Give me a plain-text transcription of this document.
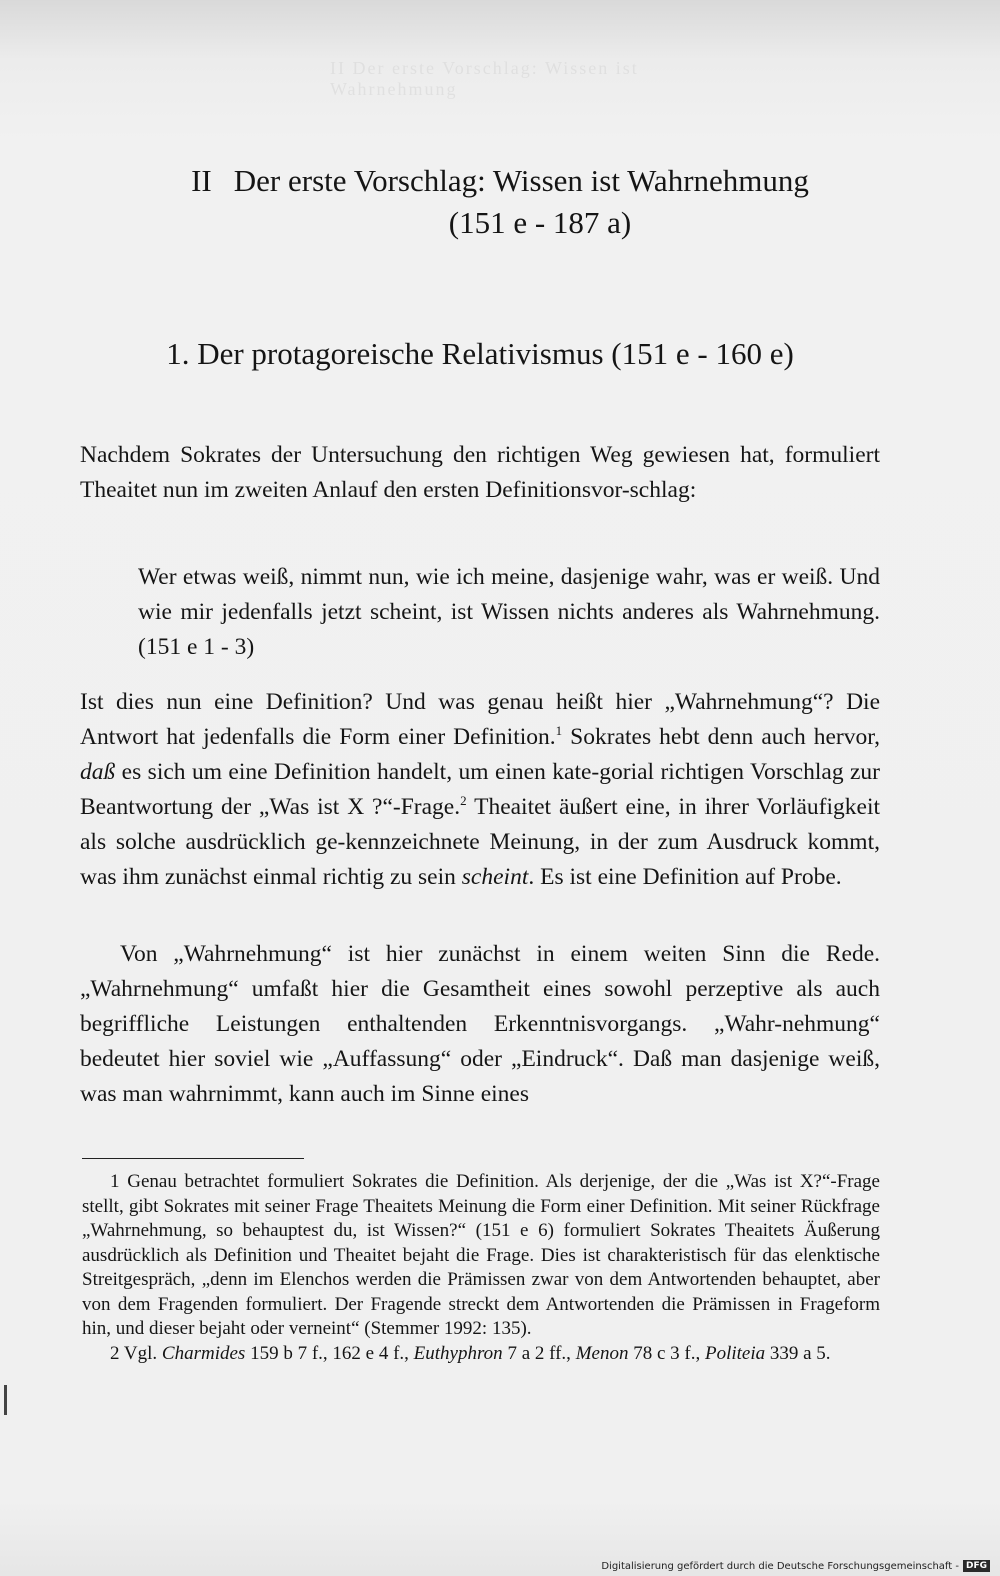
II Der erste Vorschlag: Wissen ist Wahrnehmung
II Der erste Vorschlag: Wissen ist Wahrnehmung
(151 e - 187 a)
1. Der protagoreische Relativismus (151 e - 160 e)

Nachdem Sokrates der Untersuchung den richtigen Weg gewiesen hat, formuliert Theaitet nun im zweiten Anlauf den ersten Definitionsvor-schlag:

Wer etwas weiß, nimmt nun, wie ich meine, dasjenige wahr, was er weiß. Und wie mir jedenfalls jetzt scheint, ist Wissen nichts anderes als Wahrnehmung. (151 e 1 - 3)

Ist dies nun eine Definition? Und was genau heißt hier „Wahrnehmung“? Die Antwort hat jedenfalls die Form einer Definition.$^1$ Sokrates hebt denn auch hervor, daß es sich um eine Definition handelt, um einen kate-gorial richtigen Vorschlag zur Beantwortung der „Was ist X ?“-Frage.$^2$ Theaitet äußert eine, in ihrer Vorläufigkeit als solche ausdrücklich ge-kennzeichnete Meinung, in der zum Ausdruck kommt, was ihm zunächst einmal richtig zu sein scheint. Es ist eine Definition auf Probe.

Von „Wahrnehmung“ ist hier zunächst in einem weiten Sinn die Rede. „Wahrnehmung“ umfaßt hier die Gesamtheit eines sowohl perzeptive als auch begriffliche Leistungen enthaltenden Erkenntnisvorgangs. „Wahr-nehmung“ bedeutet hier soviel wie „Auffassung“ oder „Eindruck“. Daß man dasjenige weiß, was man wahrnimmt, kann auch im Sinne eines

1 Genau betrachtet formuliert Sokrates die Definition. Als derjenige, der die „Was ist X?“-Frage stellt, gibt Sokrates mit seiner Frage Theaitets Meinung die Form einer Definition. Mit seiner Rückfrage „Wahrnehmung, so behauptest du, ist Wissen?“ (151 e 6) formuliert Sokrates Theaitets Äußerung ausdrücklich als Definition und Theaitet bejaht die Frage. Dies ist charakteristisch für das elenktische Streitgespräch, „denn im Elenchos werden die Prämissen zwar von dem Antwortenden behauptet, aber von dem Fragenden formuliert. Der Fragende streckt dem Antwortenden die Prämissen in Frageform hin, und dieser bejaht oder verneint“ (Stemmer 1992: 135).

2 Vgl. Charmides 159 b 7 f., 162 e 4 f., Euthyphron 7 a 2 ff., Menon 78 c 3 f., Politeia 339 a 5.

Digitalisierung gefördert durch die Deutsche Forschungsgemeinschaft - DFG
